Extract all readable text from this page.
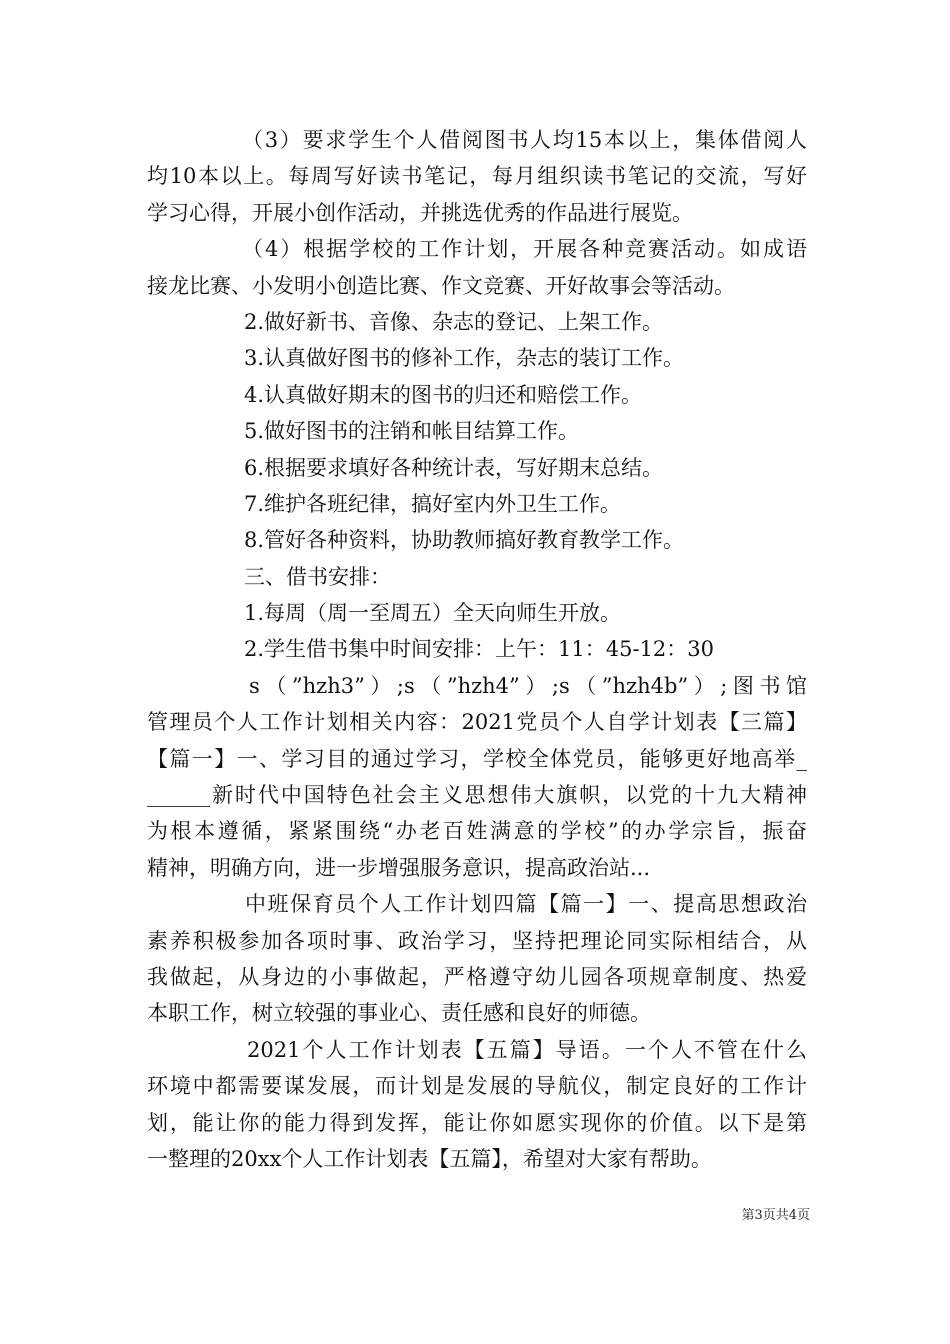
（3）要求学生个人借阅图书人均15本以上，集体借阅人
均10本以上。每周写好读书笔记，每月组织读书笔记的交流，写好
学习心得，开展小创作活动，并挑选优秀的作品进行展览。
（4）根据学校的工作计划，开展各种竞赛活动。如成语
接龙比赛、小发明小创造比赛、作文竞赛、开好故事会等活动。
2.做好新书、音像、杂志的登记、上架工作。
3.认真做好图书的修补工作，杂志的装订工作。
4.认真做好期末的图书的归还和赔偿工作。
5.做好图书的注销和帐目结算工作。
6.根据要求填好各种统计表，写好期末总结。
7.维护各班纪律，搞好室内外卫生工作。
8.管好各种资料，协助教师搞好教育教学工作。
三、借书安排：
1.每周（周一至周五）全天向师生开放。
2.学生借书集中时间安排：上午：11：45-12：30
s（”hzh3”）;s（”hzh4”）;s（”hzh4b”）;图书馆
管理员个人工作计划相关内容：2021党员个人自学计划表【三篇】
【篇一】一、学习目的通过学习，学校全体党员，能够更好地高举_
______新时代中国特色社会主义思想伟大旗帜，以党的十九大精神
为根本遵循，紧紧围绕“办老百姓满意的学校”的办学宗旨，振奋
精神，明确方向，进一步增强服务意识，提高政治站...
中班保育员个人工作计划四篇【篇一】一、提高思想政治
素养积极参加各项时事、政治学习，坚持把理论同实际相结合，从
我做起，从身边的小事做起，严格遵守幼儿园各项规章制度、热爱
本职工作，树立较强的事业心、责任感和良好的师德。
2021个人工作计划表【五篇】导语。一个人不管在什么
环境中都需要谋发展，而计划是发展的导航仪，制定良好的工作计
划，能让你的能力得到发挥，能让你如愿实现你的价值。以下是第
一整理的20xx个人工作计划表【五篇】，希望对大家有帮助。
第3页共4页
